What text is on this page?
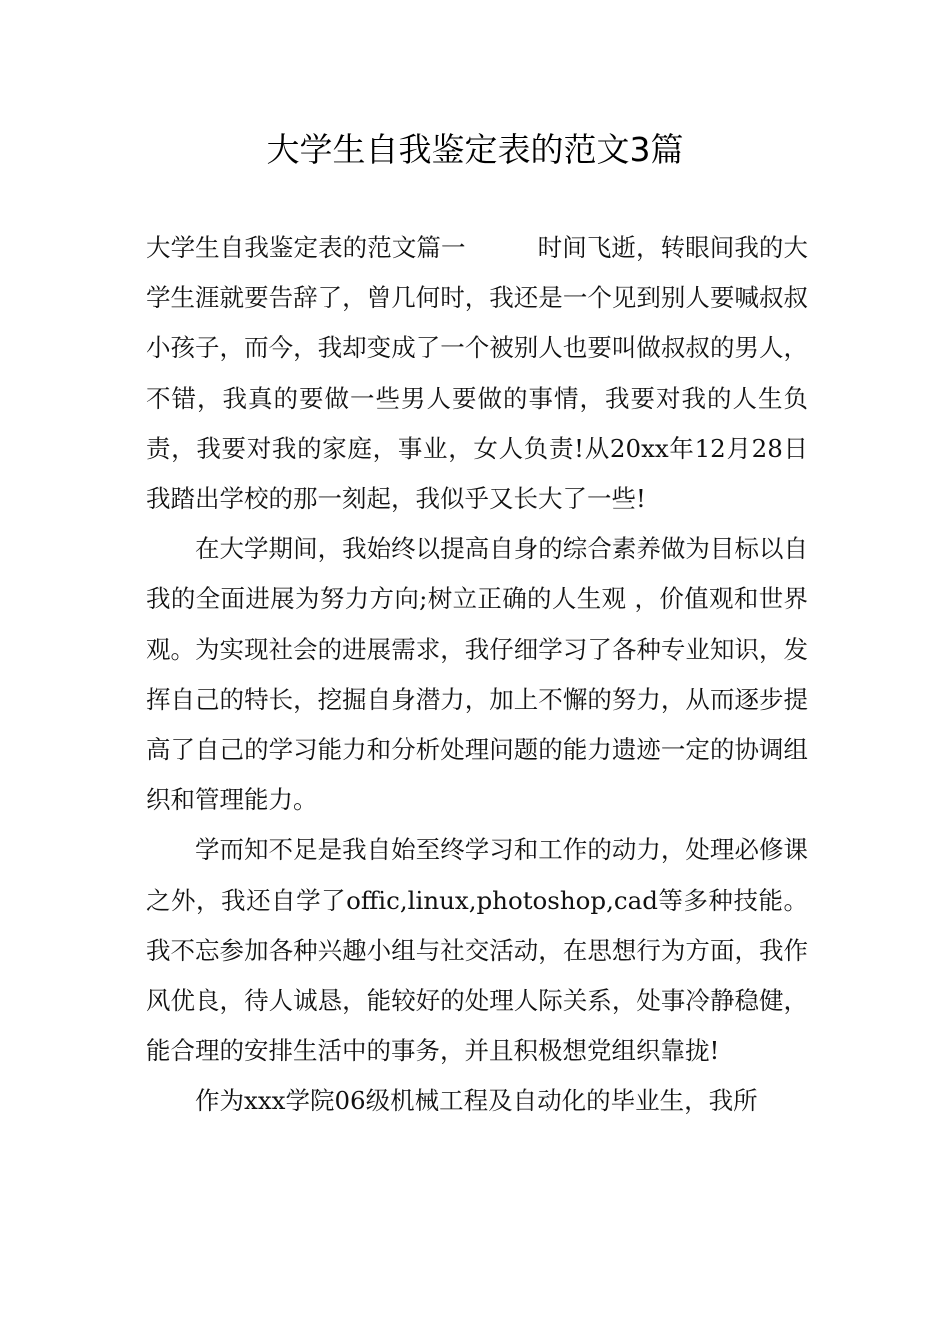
大学生自我鉴定表的范文3篇

大学生自我鉴定表的范文篇一	时间飞逝，转眼间我的大学生涯就要告辞了，曾几何时，我还是一个见到别人要喊叔叔小孩子，而今，我却变成了一个被别人也要叫做叔叔的男人，不错，我真的要做一些男人要做的事情，我要对我的人生负责，我要对我的家庭，事业，女人负责!从20xx年12月28日我踏出学校的那一刻起，我似乎又长大了一些!

在大学期间，我始终以提高自身的综合素养做为目标以自我的全面进展为努力方向;树立正确的人生观 ，价值观和世界观。为实现社会的进展需求，我仔细学习了各种专业知识，发挥自己的特长，挖掘自身潜力，加上不懈的努力，从而逐步提高了自己的学习能力和分析处理问题的能力遗迹一定的协调组织和管理能力。

学而知不足是我自始至终学习和工作的动力，处理必修课之外，我还自学了offic,linux,photoshop,cad等多种技能。我不忘参加各种兴趣小组与社交活动，在思想行为方面，我作风优良，待人诚恳，能较好的处理人际关系，处事冷静稳健，能合理的安排生活中的事务，并且积极想党组织靠拢!

作为xxx学院06级机械工程及自动化的毕业生，我所
